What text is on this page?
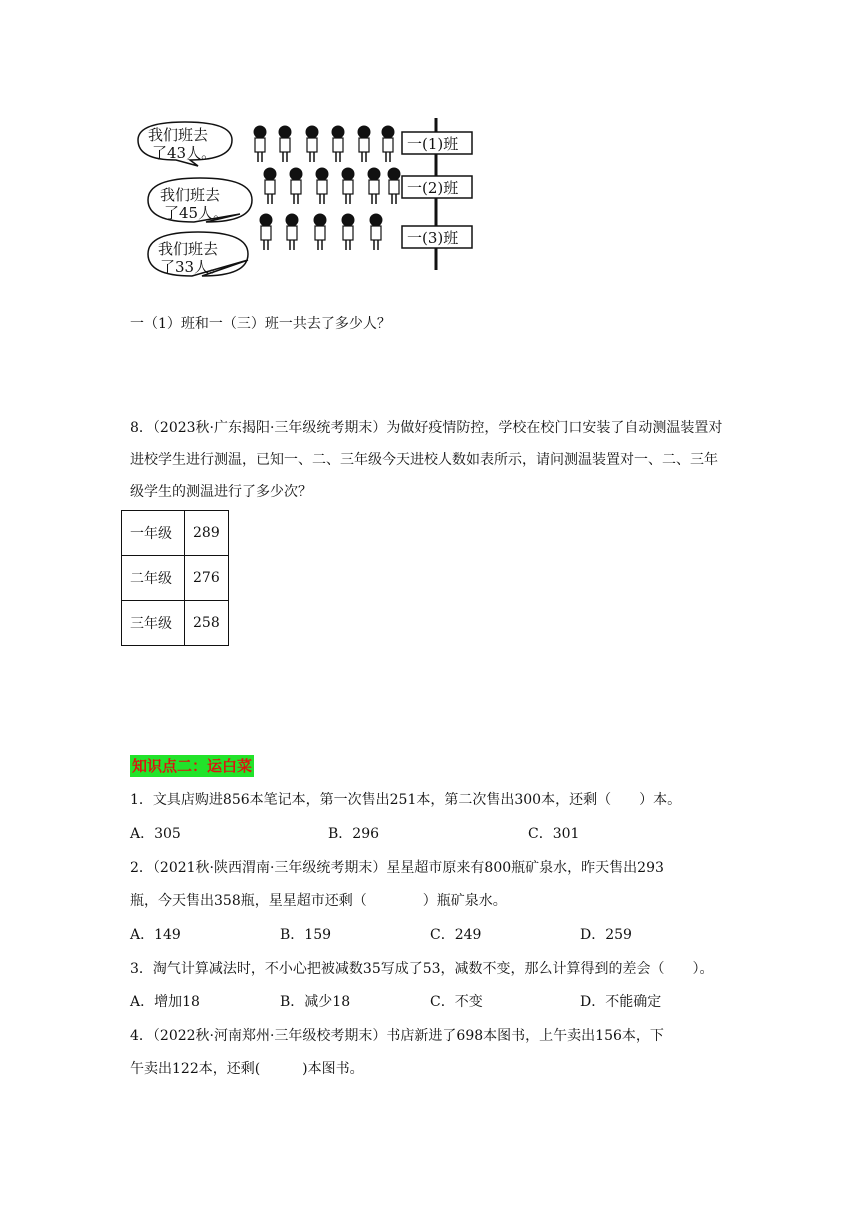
我们班去
了43人。
我们班去
了45人。
我们班去
了33人。
一(1)班
一(2)班
一(3)班
一（1）班和一（三）班一共去了多少人？
8．（2023秋·广东揭阳·三年级统考期末）为做好疫情防控，学校在校门口安装了自动测温装置对进校学生进行测温，已知一、二、三年级今天进校人数如表所示，请问测温装置对一、二、三年级学生的测温进行了多少次？
一年级	289
二年级	276
三年级	258
知识点二：运白菜
1．文具店购进856本笔记本，第一次售出251本，第二次售出300本，还剩（　　）本。
A．305	B．296	C．301
2．（2021秋·陕西渭南·三年级统考期末）星星超市原来有800瓶矿泉水，昨天售出293
瓶，今天售出358瓶，星星超市还剩（　　　　）瓶矿泉水。
A．149	B．159	C．249	D．259
3．淘气计算减法时，不小心把被减数35写成了53，减数不变，那么计算得到的差会（　　）。
A．增加18	B．减少18	C．不变	D．不能确定
4．（2022秋·河南郑州·三年级校考期末）书店新进了698本图书，上午卖出156本，下
午卖出122本，还剩(　　　)本图书。
